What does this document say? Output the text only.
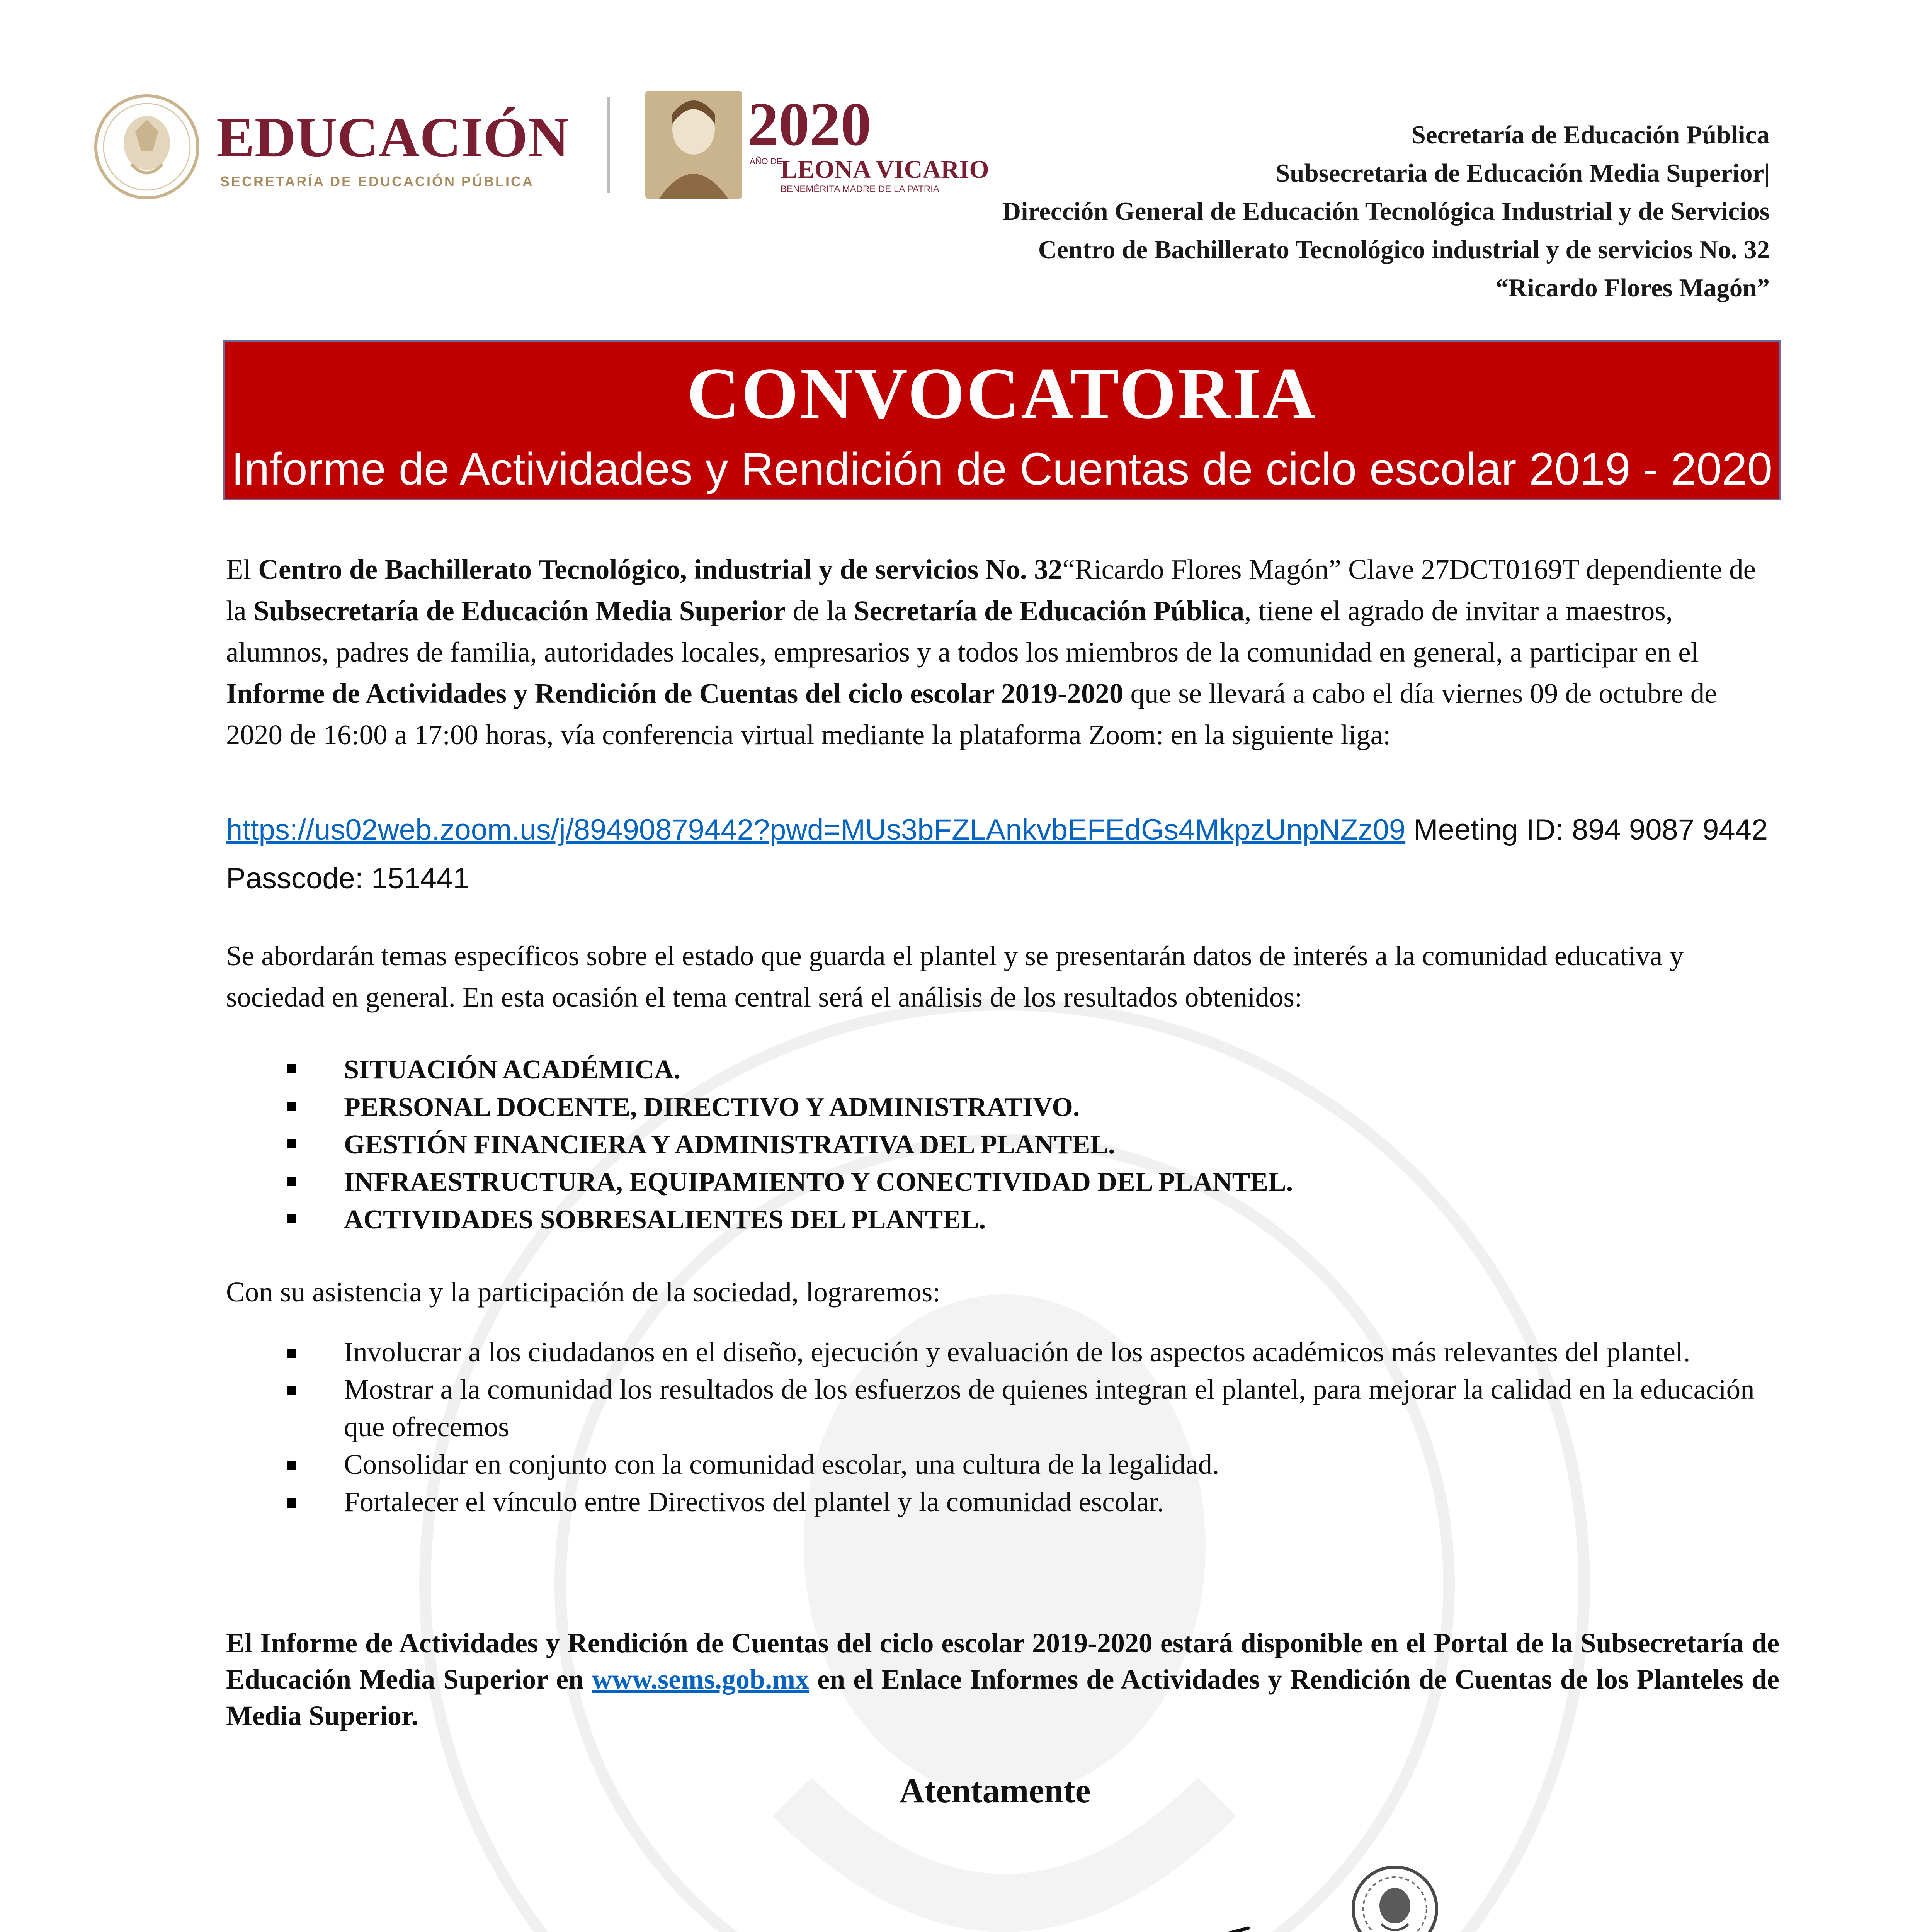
EDUCACIÓN
SECRETARÍA DE EDUCACIÓN PÚBLICA
2020
AÑO DE
LEONA VICARIO
BENEMÉRITA MADRE DE LA PATRIA
Secretaría de Educación Pública
Subsecretaria de Educación Media Superior|
Dirección General de Educación Tecnológica Industrial y de Servicios
Centro de Bachillerato Tecnológico industrial y de servicios No. 32
“Ricardo Flores Magón”
CONVOCATORIA
Informe de Actividades y Rendición de Cuentas de ciclo escolar 2019 - 2020
El Centro de Bachillerato Tecnológico, industrial y de servicios No. 32“Ricardo Flores Magón” Clave 27DCT0169T dependiente de la Subsecretaría de Educación Media Superior de la Secretaría de Educación Pública, tiene el agrado de invitar a maestros, alumnos, padres de familia, autoridades locales, empresarios y a todos los miembros de la comunidad en general, a participar en el Informe de Actividades y Rendición de Cuentas del ciclo escolar 2019-2020 que se llevará a cabo el día viernes 09 de octubre de 2020 de 16:00 a 17:00 horas, vía conferencia virtual mediante la plataforma Zoom: en la siguiente liga:
https://us02web.zoom.us/j/89490879442?pwd=MUs3bFZLAnkvbEFEdGs4MkpzUnpNZz09 Meeting ID: 894 9087 9442 Passcode: 151441
Se abordarán temas específicos sobre el estado que guarda el plantel y se presentarán datos de interés a la comunidad educativa y sociedad en general. En esta ocasión el tema central será el análisis de los resultados obtenidos:
SITUACIÓN ACADÉMICA.
PERSONAL DOCENTE, DIRECTIVO Y ADMINISTRATIVO.
GESTIÓN FINANCIERA Y ADMINISTRATIVA DEL PLANTEL.
INFRAESTRUCTURA, EQUIPAMIENTO Y CONECTIVIDAD DEL PLANTEL.
ACTIVIDADES SOBRESALIENTES DEL PLANTEL.
Con su asistencia y la participación de la sociedad, lograremos:
Involucrar a los ciudadanos en el diseño, ejecución y evaluación de los aspectos académicos más relevantes del plantel.
Mostrar a la comunidad los resultados de los esfuerzos de quienes integran el plantel, para mejorar la calidad en la educación que ofrecemos
Consolidar en conjunto con la comunidad escolar, una cultura de la legalidad.
Fortalecer el vínculo entre Directivos del plantel y la comunidad escolar.
El Informe de Actividades y Rendición de Cuentas del ciclo escolar 2019-2020 estará disponible en el Portal de la Subsecretaría de Educación Media Superior en www.sems.gob.mx en el Enlace Informes de Actividades y Rendición de Cuentas de los Planteles de Media Superior.
Atentamente
